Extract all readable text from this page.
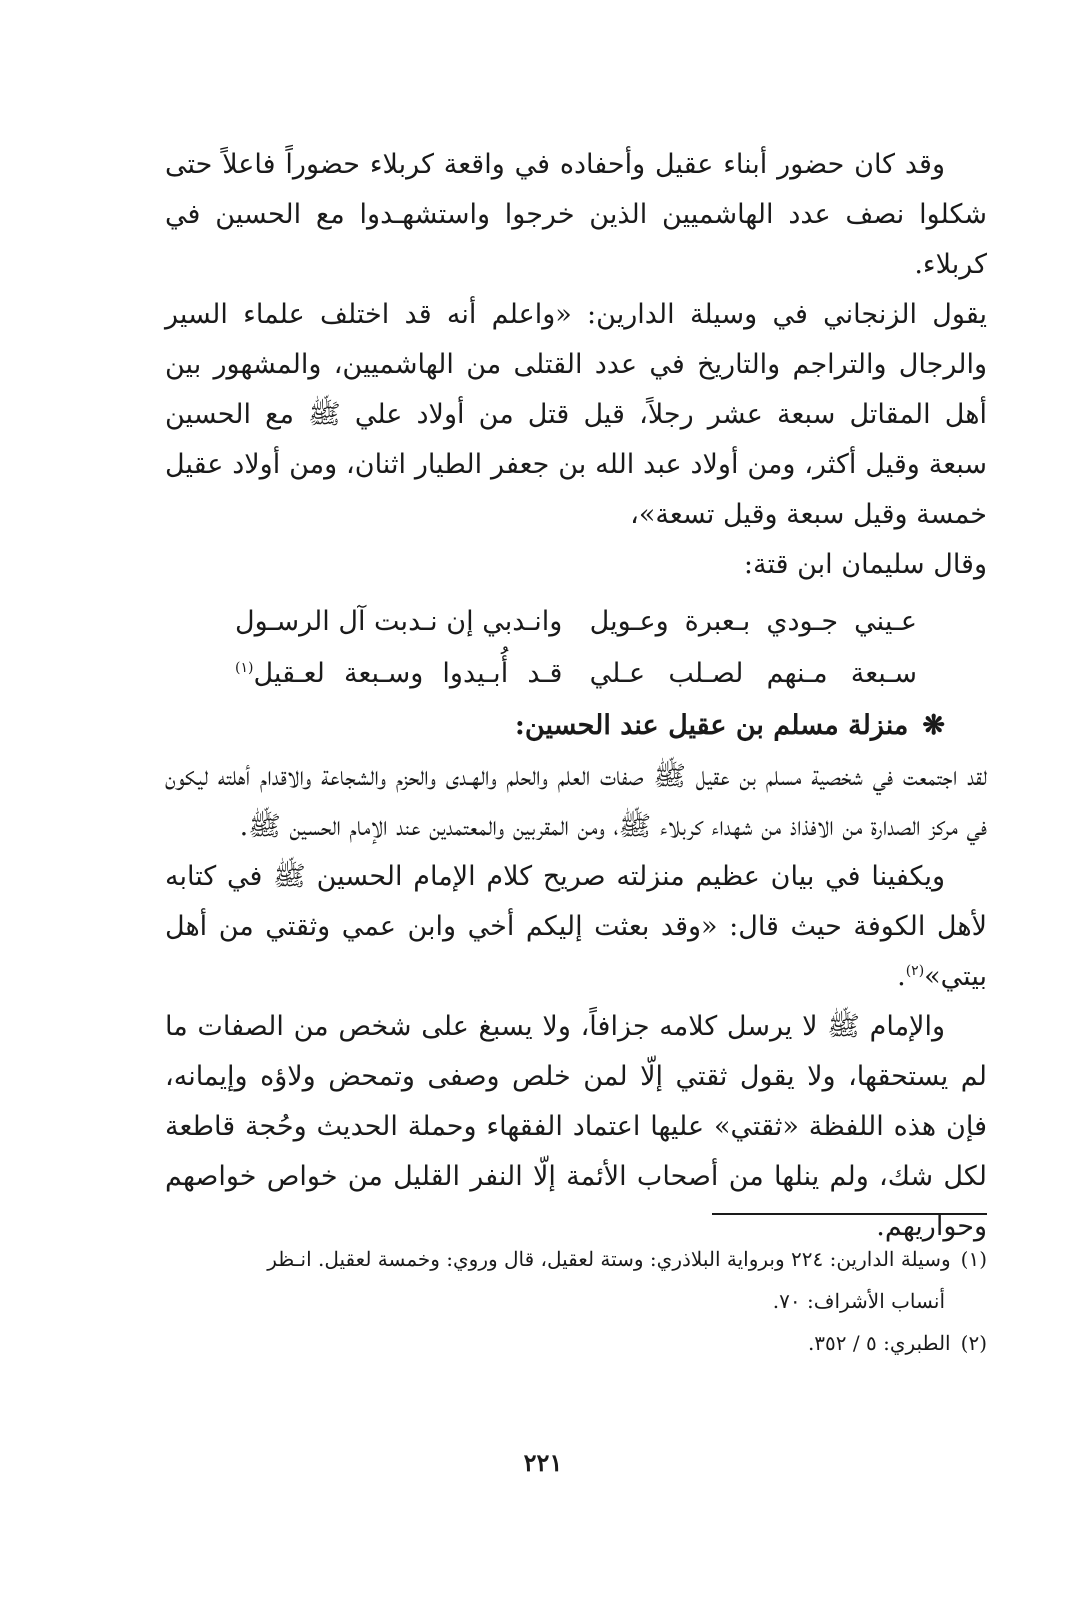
وقد كان حضور أبناء عقيل وأحفاده في واقعة كربلاء حضوراً فاعلاً حتى شكلوا نصف عدد الهاشميين الذين خرجوا واستشهـدوا مع الحسين في كربلاء.

يقول الزنجاني في وسيلة الدارين: «واعلم أنه قد اختلف علماء السير والرجال والتراجم والتاريخ في عدد القتلى من الهاشميين، والمشهور بين أهل المقاتل سبعة عشر رجلاً، قيل قتل من أولاد علي ﷺ مع الحسين سبعة وقيل أكثر، ومن أولاد عبد الله بن جعفر الطيار اثنان، ومن أولاد عقيل خمسة وقيل سبعة وقيل تسعة»،

وقال سليمان ابن قتة:

عـيني جـودي بـعبرة وعـويل
وانـدبي إن نـدبت آل الرسـول
سـبعة مـنهم لصـلب عـلي
قـد أُبـيدوا وسـبعة لعـقيل$^{(١)}$

❋منزلة مسلم بن عقيل عند الحسين:

لقد اجتمعت في شخصية مسلم بن عقيل ﷺ صفات العلم والحلم والهـدى والحزم والشجاعة والاقدام أهلته ليكون في مركز الصدارة من الافذاذ من شهداء كربلاء ﷺ، ومن المقربين والمعتمدين عند الإمام الحسين ﷺ.

ويكفينا في بيان عظيم منزلته صريح كلام الإمام الحسين ﷺ في كتابه لأهل الكوفة حيث قال: «وقد بعثت إليكم أخي وابن عمي وثقتي من أهل بيتي»$^{(٢)}$.

والإمام ﷺ لا يرسل كلامه جزافاً، ولا يسبغ على شخص من الصفات ما لم يستحقها، ولا يقول ثقتي إلّا لمن خلص وصفى وتمحض ولاؤه وإيمانه، فإن هذه اللفظة «ثقتي» عليها اعتماد الفقهاء وحملة الحديث وحُجة قاطعة لكل شك، ولم ينلها من أصحاب الأئمة إلّا النفر القليل من خواص خواصهم وحواريهم.

(١)وسيلة الدارين: ٢٢٤ وبرواية البلاذري: وستة لعقيل، قال وروي: وخمسة لعقيل. انـظر

أنساب الأشراف: ٧٠.

(٢)الطبري: ٥ / ٣٥٢.

٢٢١
